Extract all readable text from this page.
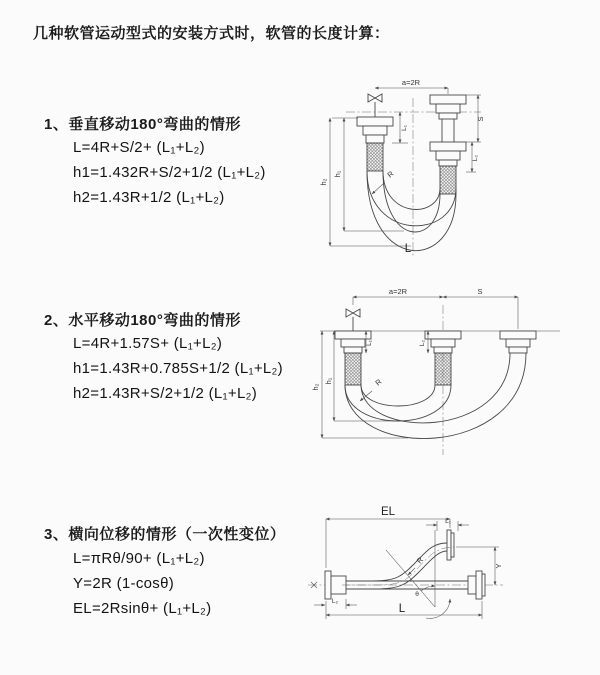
几种软管运动型式的安装方式时，软管的长度计算：
1、垂直移动180°弯曲的情形
L=4R+S/2+ (L₁+L₂)
h1=1.432R+S/2+1/2 (L₁+L₂)
h2=1.43R+1/2 (L₁+L₂)
a=2R
h₂
h₁
L₁
S
L₂
R
L
2、水平移动180°弯曲的情形
L=4R+1.57S+ (L₁+L₂)
h1=1.43R+0.785S+1/2 (L₁+L₂)
h2=1.43R+S/2+1/2 (L₁+L₂)
a=2R	S
h₂
h₁
L₁	L₂
R
3、横向位移的情形（一次性变位）
L=πRθ/90+ (L₁+L₂)
Y=2R (1-cosθ)
EL=2Rsinθ+ (L₁+L₂)
EL
L₁
Y
θ
R
L₂
L
